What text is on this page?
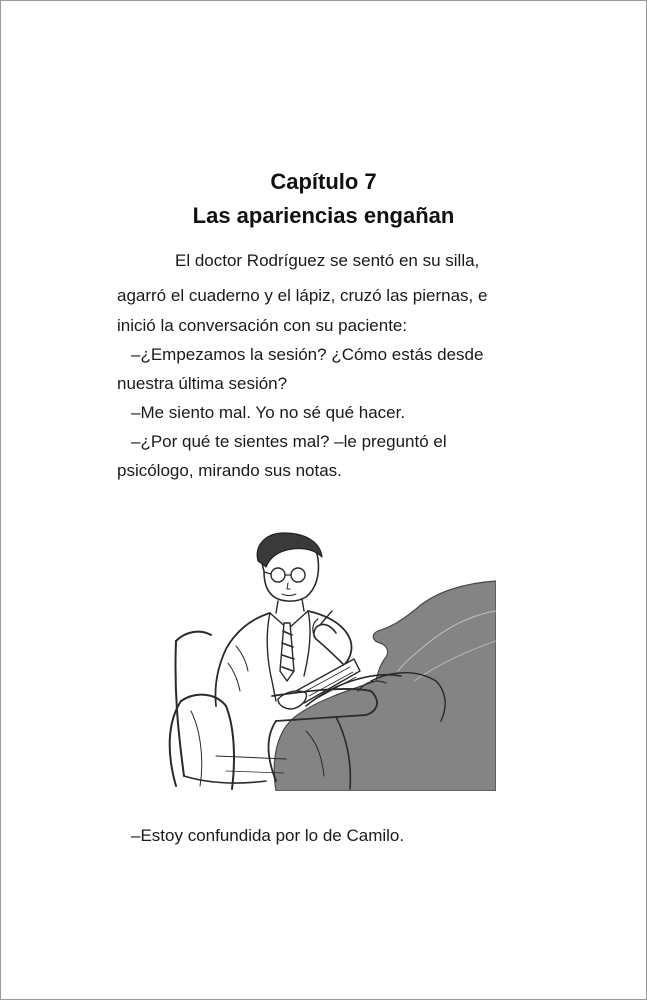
Capítulo 7
Las apariencias engañan
El doctor Rodríguez se sentó en su silla,
agarró el cuaderno y el lápiz, cruzó las piernas, e
inició la conversación con su paciente:
–¿Empezamos la sesión? ¿Cómo estás desde
nuestra última sesión?
–Me siento mal. Yo no sé qué hacer.
–¿Por qué te sientes mal? –le preguntó el
psicólogo, mirando sus notas.
–Estoy confundida por lo de Camilo.
